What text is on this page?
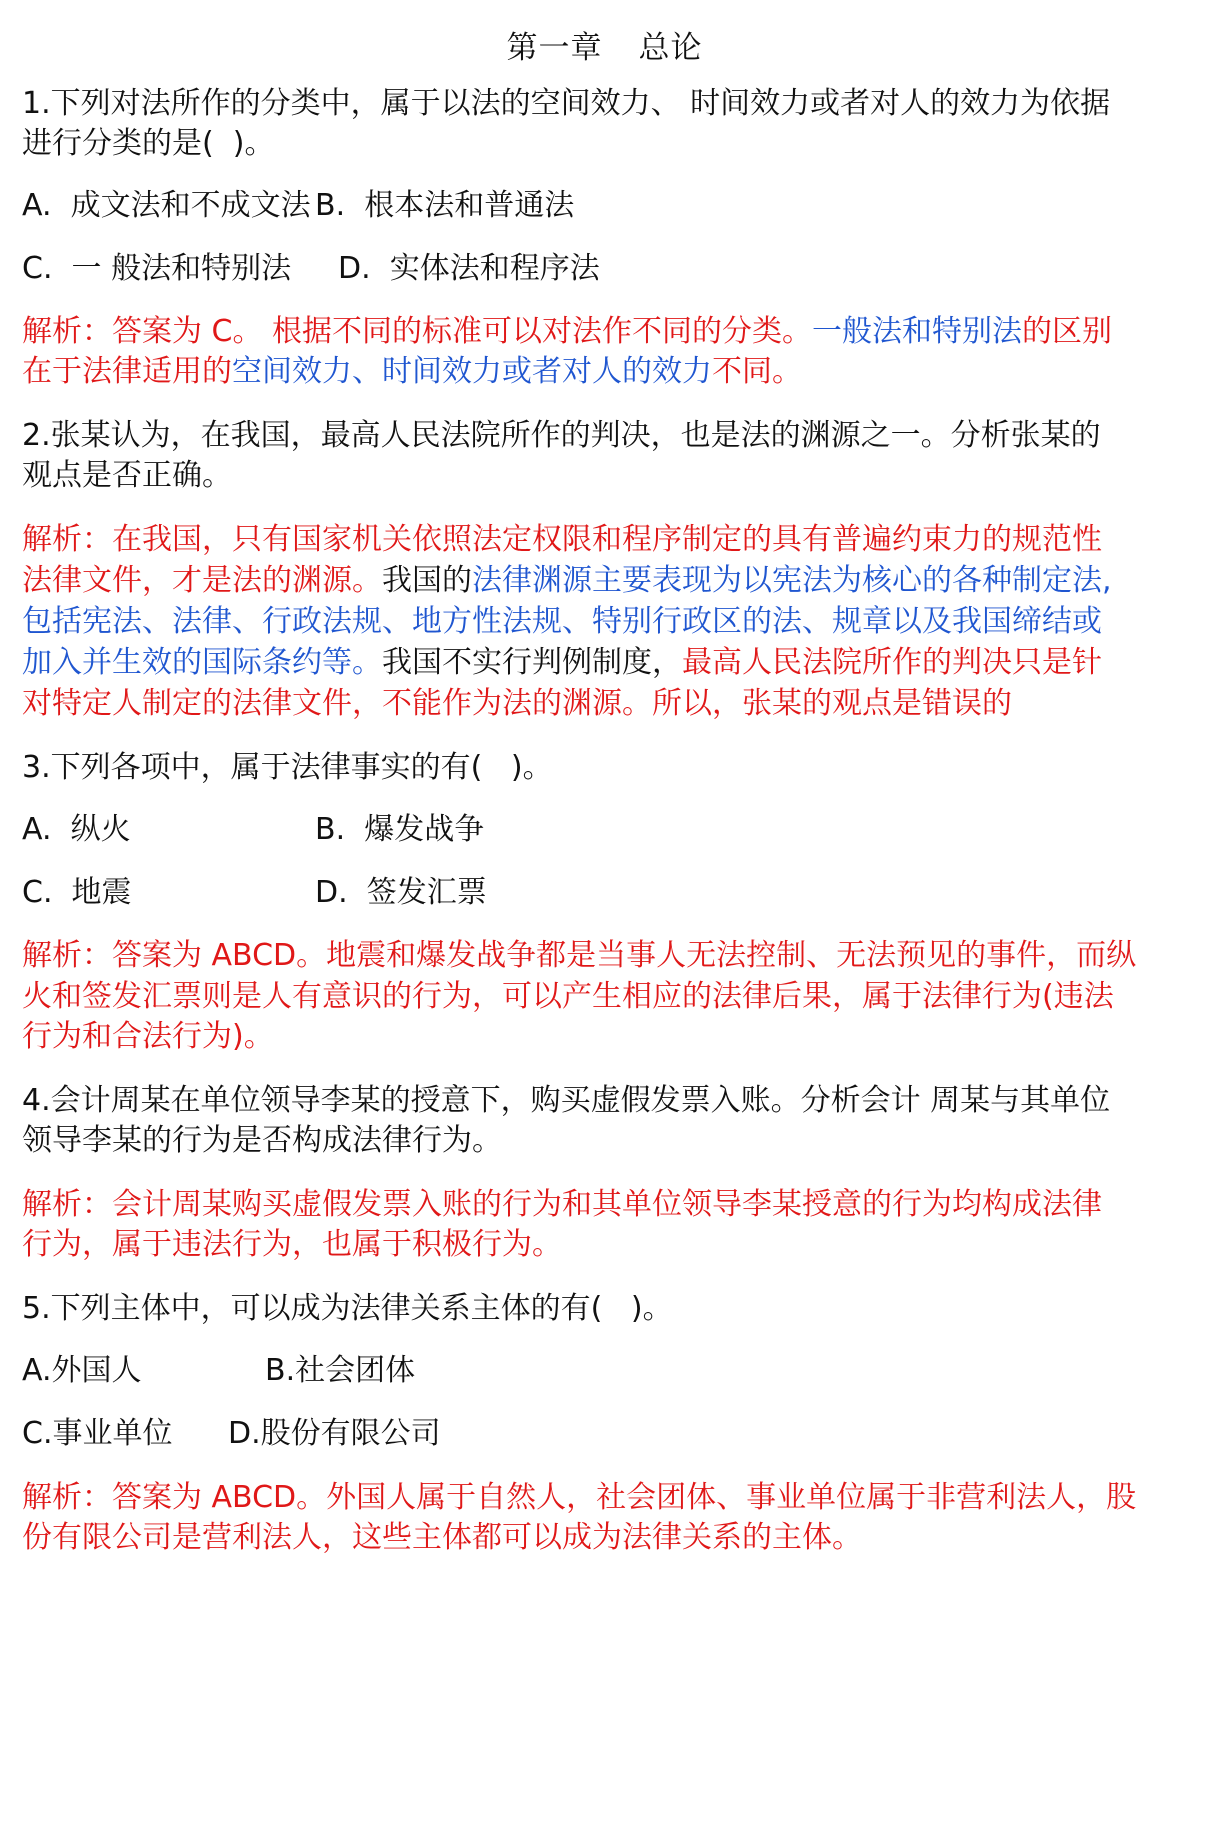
第一章 总论
1.下列对法所作的分类中，属于以法的空间效力、 时间效力或者对人的效力为依据
进行分类的是(  )。
A.  成文法和不成文法 B.  根本法和普通法
C.  一 般法和特别法 D.  实体法和程序法
解析：答案为 C。 根据不同的标准可以对法作不同的分类。一般法和特别法的区别
在于法律适用的空间效力、时间效力或者对人的效力不同。
2.张某认为，在我国，最高人民法院所作的判决，也是法的渊源之一。分析张某的
观点是否正确。
解析：在我国，只有国家机关依照法定权限和程序制定的具有普遍约束力的规范性
法律文件，才是法的渊源。我国的法律渊源主要表现为以宪法为核心的各种制定法,
包括宪法、法律、行政法规、地方性法规、特别行政区的法、规章以及我国缔结或
加入并生效的国际条约等。我国不实行判例制度，最高人民法院所作的判决只是针
对特定人制定的法律文件，不能作为法的渊源。所以，张某的观点是错误的
3.下列各项中，属于法律事实的有(   )。
A.  纵火	B.  爆发战争
C.  地震	D.  签发汇票
解析：答案为 ABCD。地震和爆发战争都是当事人无法控制、无法预见的事件，而纵
火和签发汇票则是人有意识的行为，可以产生相应的法律后果，属于法律行为(违法
行为和合法行为)。
4.会计周某在单位领导李某的授意下，购买虚假发票入账。分析会计 周某与其单位
领导李某的行为是否构成法律行为。
解析：会计周某购买虚假发票入账的行为和其单位领导李某授意的行为均构成法律
行为，属于违法行为，也属于积极行为。
5.下列主体中，可以成为法律关系主体的有(   )。
A.外国人	B.社会团体
C.事业单位 D.股份有限公司
解析：答案为 ABCD。外国人属于自然人，社会团体、事业单位属于非营利法人，股
份有限公司是营利法人，这些主体都可以成为法律关系的主体。
